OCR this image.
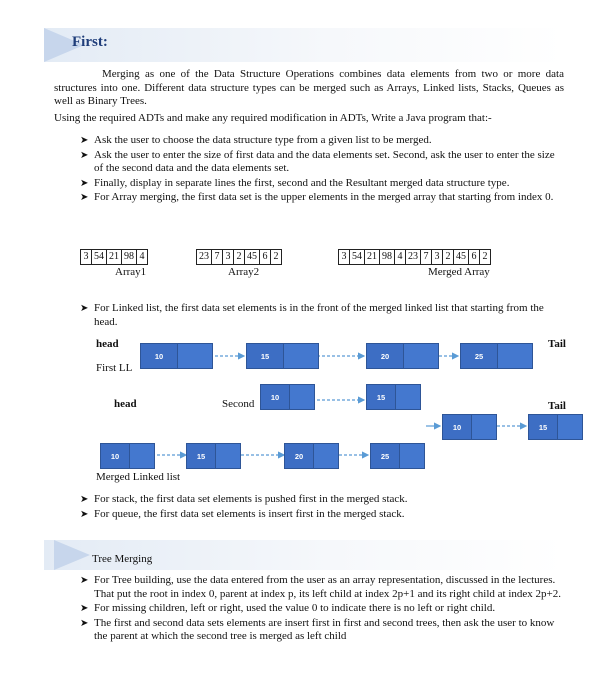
First:
Merging as one of the Data Structure Operations combines data elements from two or more data structures into one. Different data structure types can be merged such as Arrays, Linked lists, Stacks, Queues as well as Binary Trees.
Using the required ADTs and make any required modification in ADTs, Write a Java program that:-
➤ Ask the user to choose the data structure type from a given list to be merged.
➤ Ask the user to enter the size of first data and the data elements set. Second, ask the user to enter the size of the second data and the data elements set.
➤ Finally, display in separate lines the first, second and the Resultant merged data structure type.
➤ For Array merging, the first data set is the upper elements in the merged array that starting from index 0.
3 54 21 98 4
Array1
23 7 3 2 45 6 2
Array2
3 54 21 98 4 23 7 3 2 45 6 2
Merged Array
➤ For Linked list, the first data set elements is in the front of the merged linked list that starting from the head.
head
First LL
Tail
10	15	20	25
head	Second	Tail
10	15
10	15
10	15	20	25
Merged Linked list
➤ For stack, the first data set elements is pushed first in the merged stack.
➤ For queue, the first data set elements is insert first in the merged stack.
Tree Merging
➤ For Tree building, use the data entered from the user as an array representation, discussed in the lectures. That put the root in index 0, parent at index p, its left child at index 2p+1 and its right child at index 2p+2.
➤ For missing children, left or right, used the value 0 to indicate there is no left or right child.
➤ The first and second data sets elements are insert first in first and second trees, then ask the user to know the parent at which the second tree is merged as left child
